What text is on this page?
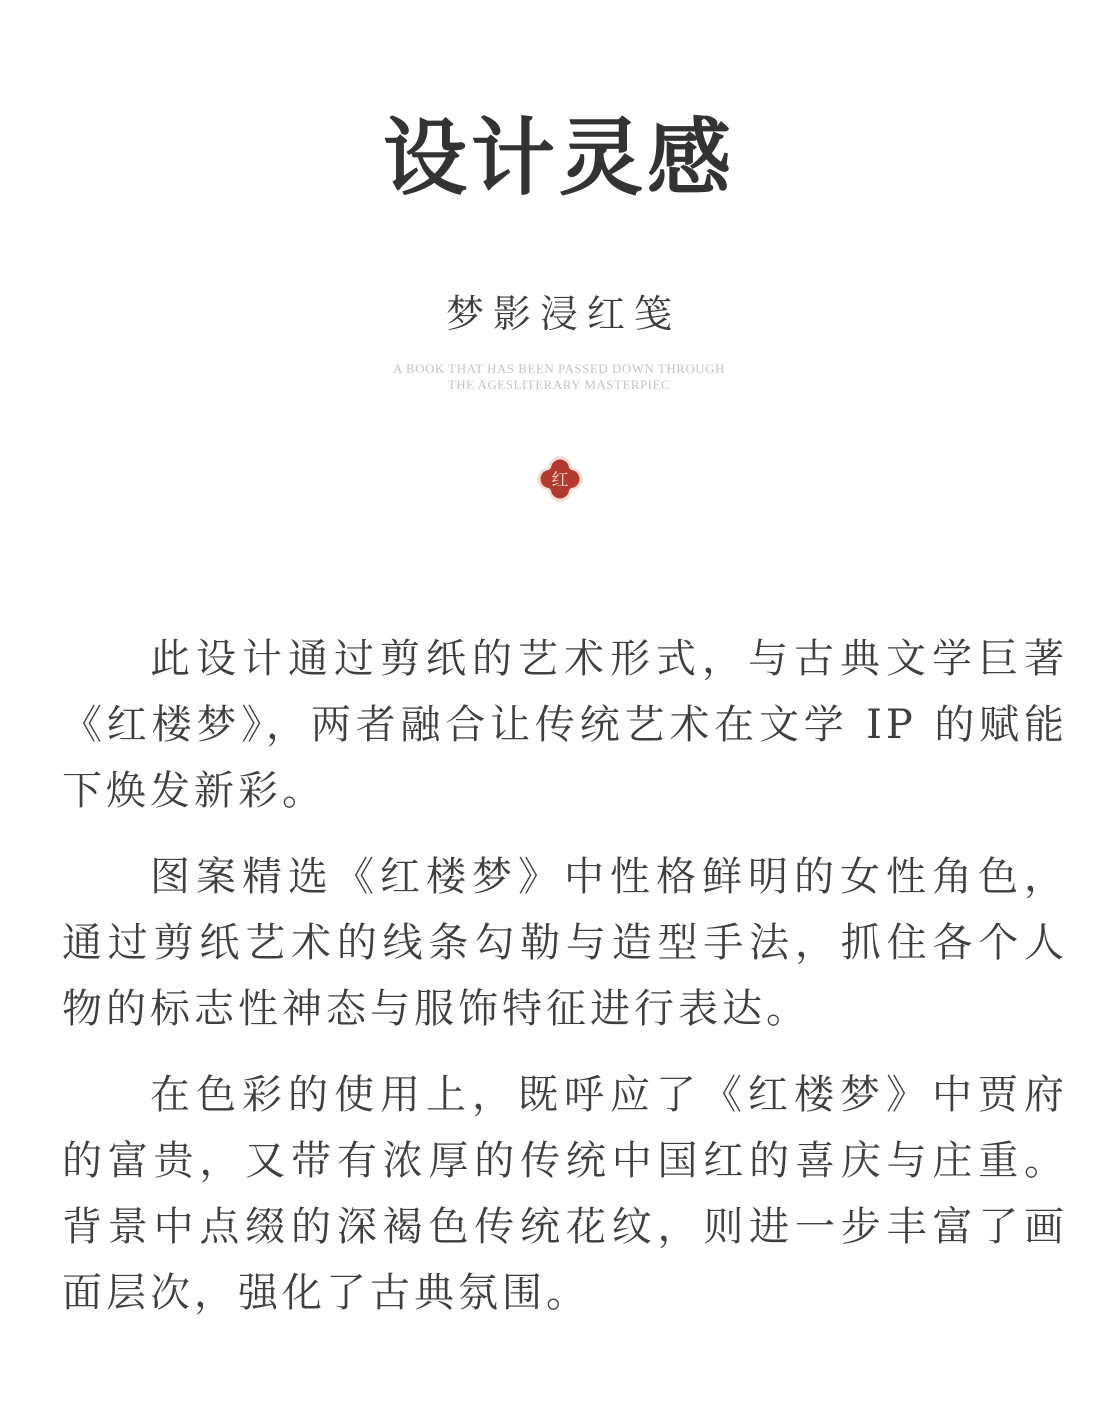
设计灵感
梦影浸红笺
A BOOK THAT HAS BEEN PASSED DOWN THROUGH
THE AGESLITERARY MASTERPIEC
红

此设计通过剪纸的艺术形式，与古典文学巨著《红楼梦》，两者融合让传统艺术在文学 IP 的赋能下焕发新彩。

图案精选《红楼梦》中性格鲜明的女性角色，通过剪纸艺术的线条勾勒与造型手法，抓住各个人物的标志性神态与服饰特征进行表达。

在色彩的使用上，既呼应了《红楼梦》中贾府的富贵，又带有浓厚的传统中国红的喜庆与庄重。背景中点缀的深褐色传统花纹，则进一步丰富了画面层次，强化了古典氛围。
